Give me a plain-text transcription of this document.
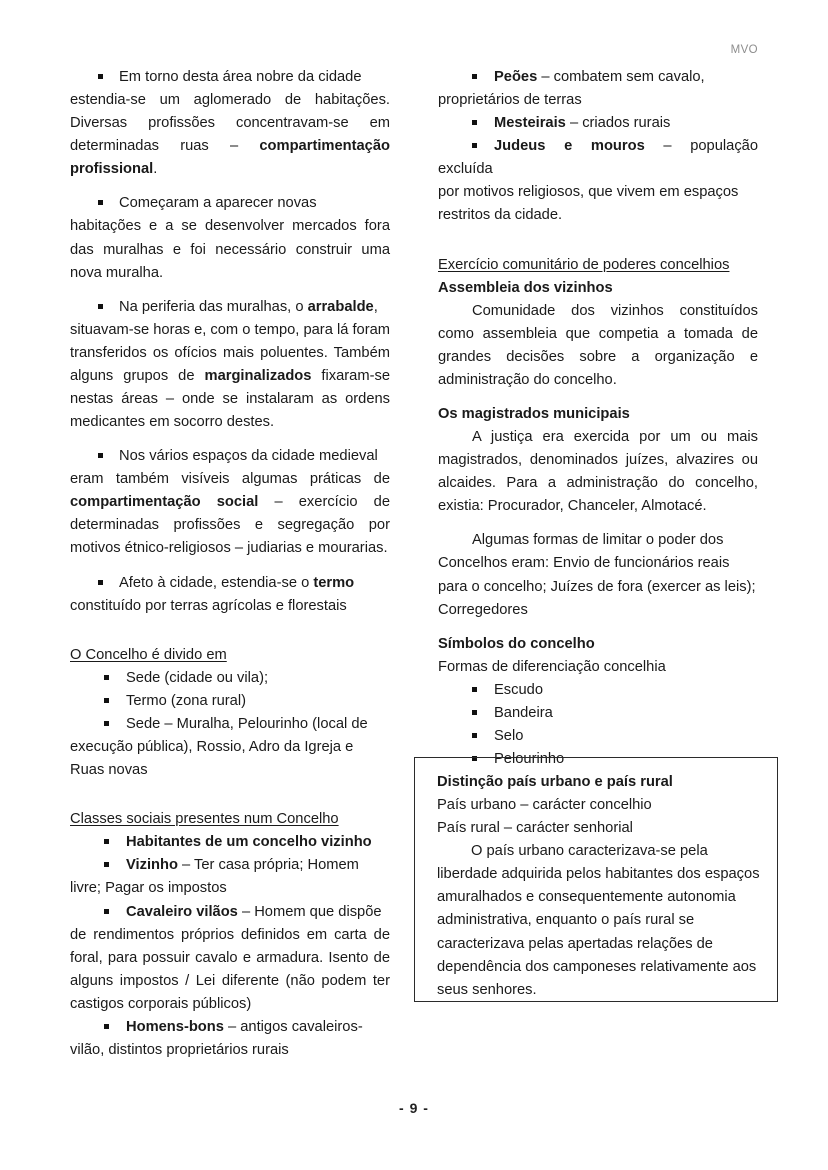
MVO
Em torno desta área nobre da cidade

estendia-se um aglomerado de habitações. Diversas profissões concentravam-se em determinadas ruas – compartimentação profissional.

Começaram a aparecer novas

habitações e a se desenvolver mercados fora das muralhas e foi necessário construir uma nova muralha.

Na periferia das muralhas, o arrabalde,

situavam-se horas e, com o tempo, para lá foram transferidos os ofícios mais poluentes. Também alguns grupos de marginalizados fixaram-se nestas áreas – onde se instalaram as ordens medicantes em socorro destes.

Nos vários espaços da cidade medieval

eram também visíveis algumas práticas de compartimentação social – exercício de determinadas profissões e segregação por motivos étnico-religiosos – judiarias e mourarias.

Afeto à cidade, estendia-se o termo

constituído por terras agrícolas e florestais

O Concelho é divido em
Sede (cidade ou vila);
Termo (zona rural)
Sede – Muralha, Pelourinho (local de

execução pública), Rossio, Adro da Igreja e Ruas novas

Classes sociais presentes num Concelho
Habitantes de um concelho vizinho
Vizinho – Ter casa própria; Homem

livre; Pagar os impostos

Cavaleiro vilãos – Homem que dispõe

de rendimentos próprios definidos em carta de foral, para possuir cavalo e armadura. Isento de alguns impostos / Lei diferente (não podem ter castigos corporais públicos)

Homens-bons – antigos cavaleiros-

vilão, distintos proprietários rurais

Peões – combatem sem cavalo,

proprietários de terras

Mesteirais – criados rurais
Judeus e mouros – população excluída

por motivos religiosos, que vivem em espaços restritos da cidade.

Exercício comunitário de poderes concelhios
Assembleia dos vizinhos

Comunidade dos vizinhos constituídos como assembleia que competia a tomada de grandes decisões sobre a organização e administração do concelho.

Os magistrados municipais

A justiça era exercida por um ou mais magistrados, denominados juízes, alvazires ou alcaides. Para a administração do concelho, existia: Procurador, Chanceler, Almotacé.

Algumas formas de limitar o poder dos Concelhos eram: Envio de funcionários reais para o concelho; Juízes de fora (exercer as leis); Corregedores

Símbolos do concelho
Formas de diferenciação concelhia
Escudo
Bandeira
Selo
Pelourinho
Distinção país urbano e país rural
País urbano – carácter concelhio
País rural – carácter senhorial

O país urbano caracterizava-se pela liberdade adquirida pelos habitantes dos espaços amuralhados e consequentemente autonomia administrativa, enquanto o país rural se caracterizava pelas apertadas relações de dependência dos camponeses relativamente aos seus senhores.

- 9 -
